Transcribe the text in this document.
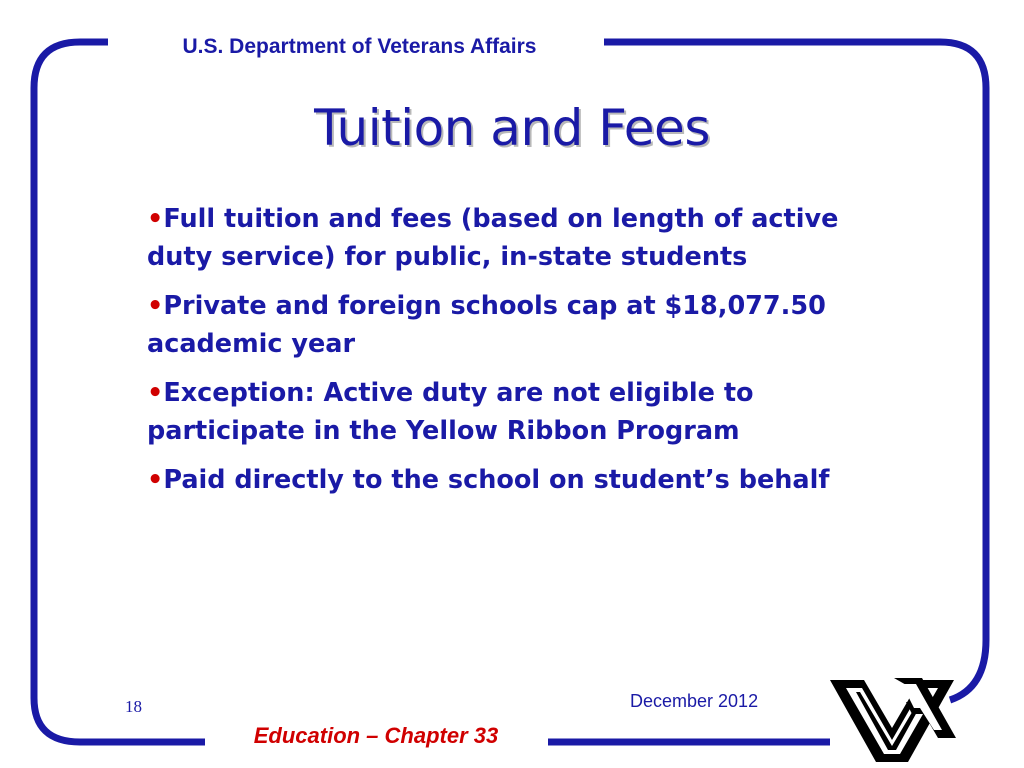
U.S. Department of Veterans Affairs
Tuition and Fees
•Full tuition and fees (based on length of active duty service) for public, in-state students
•Private and foreign schools cap at $18,077.50 academic year
•Exception: Active duty are not eligible to participate in the Yellow Ribbon Program
•Paid directly to the school on student’s behalf
18	December 2012
Education – Chapter 33
